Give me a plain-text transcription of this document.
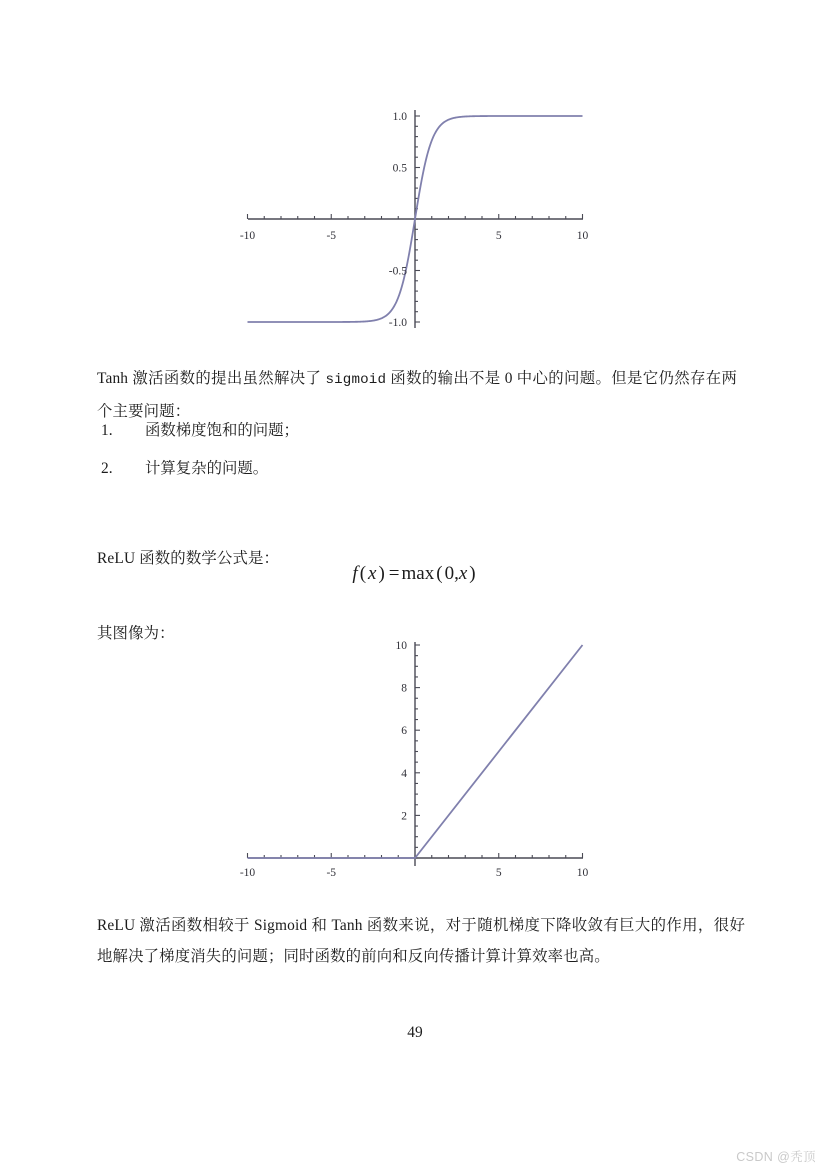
-10	-5	5	10
-1.0
-0.5
0.5
1.0
-10	-5	5	10
2
4
6
8
10

Tanh 激活函数的提出虽然解决了 sigmoid 函数的输出不是 0 中心的问题。但是它仍然存在两个主要问题：

1. 函数梯度饱和的问题；
2. 计算复杂的问题。

ReLU 函数的数学公式是：

f ( x ) = max ( 0,x )

其图像为：

ReLU 激活函数相较于 Sigmoid 和 Tanh 函数来说，对于随机梯度下降收敛有巨大的作用，很好地解决了梯度消失的问题；同时函数的前向和反向传播计算计算效率也高。

49
CSDN @秃顶
